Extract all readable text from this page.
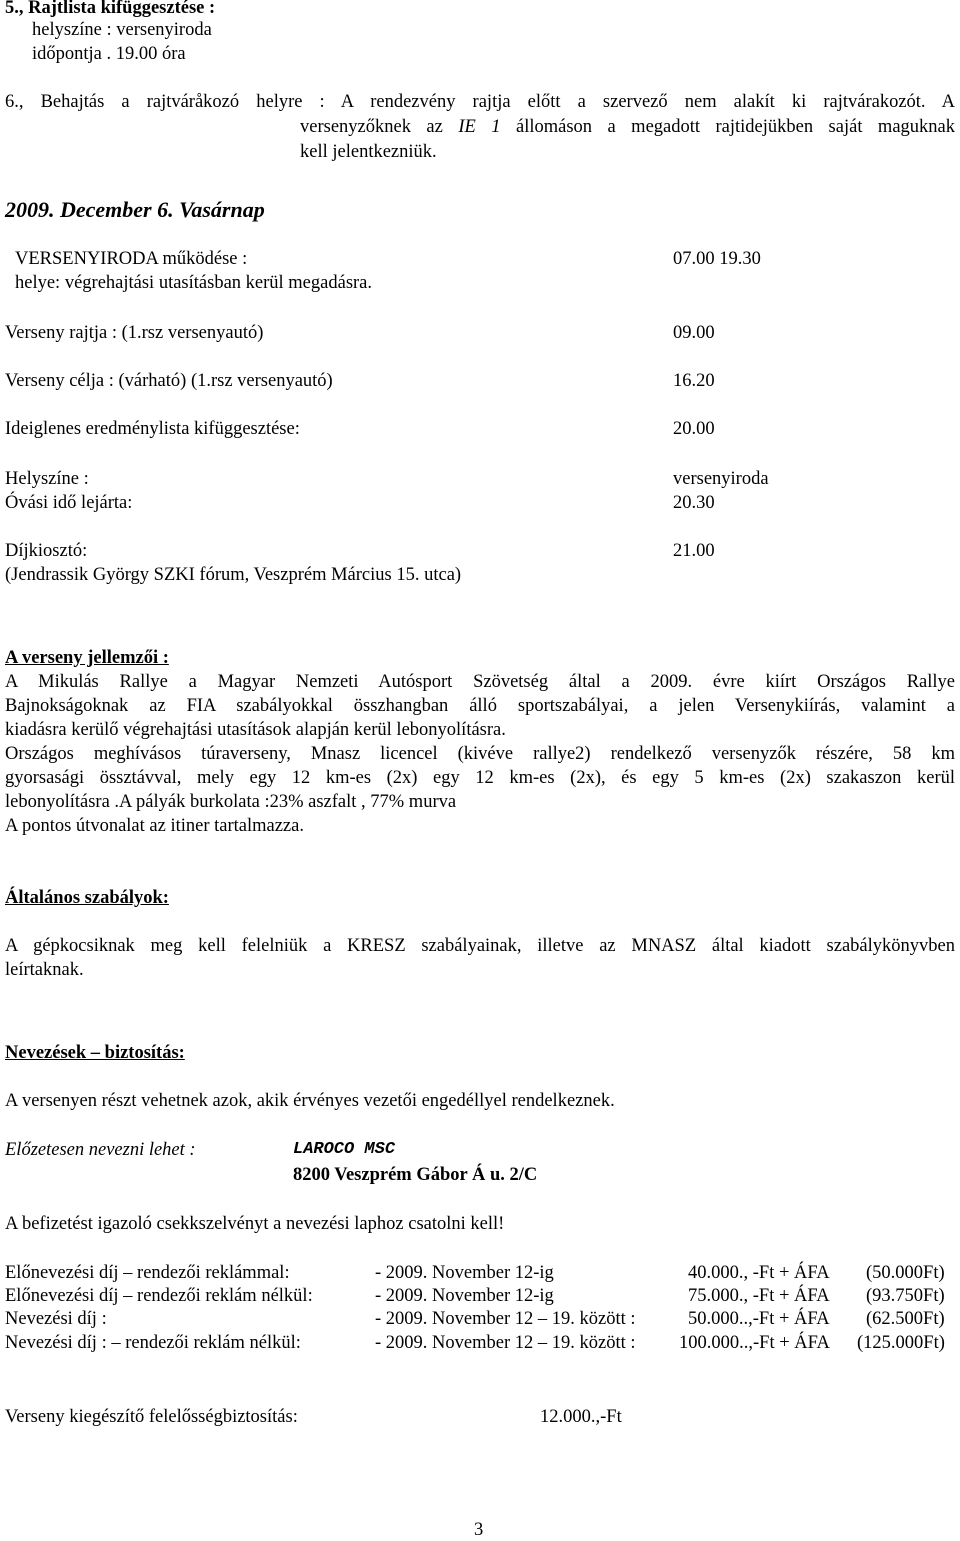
5., Rajtlista kifüggesztése :
helyszíne : versenyiroda
időpontja . 19.00 óra
6., Behajtás a rajtváråkozó helyre : A rendezvény rajtja előtt a szervező nem alakít ki rajtvárakozót. A
versenyzőknek az IE 1 állomáson a megadott rajtidejükben saját maguknak
kell jelentkezniük.
2009. December 6. Vasárnap
VERSENYIRODA működése :	07.00 19.30
helye: végrehajtási utasításban kerül megadásra.
Verseny rajtja : (1.rsz versenyautó)	09.00
Verseny célja : (várható) (1.rsz versenyautó)	16.20
Ideiglenes eredménylista kifüggesztése:	20.00
Helyszíne :	versenyiroda
Óvási idő lejárta:	20.30
Díjkiosztó:	21.00
(Jendrassik György SZKI fórum, Veszprém Március 15. utca)
A verseny jellemzői :
A Mikulás Rallye a Magyar Nemzeti Autósport Szövetség által a 2009. évre kiírt Országos Rallye
Bajnokságoknak az FIA szabályokkal összhangban álló sportszabályai, a jelen Versenykiírás, valamint a
kiadásra kerülő végrehajtási utasítások alapján kerül lebonyolításra.
Országos meghívásos túraverseny, Mnasz licencel (kivéve rallye2) rendelkező versenyzők részére, 58 km
gyorsasági össztávval, mely egy 12 km-es (2x) egy 12 km-es (2x), és egy 5 km-es (2x) szakaszon kerül
lebonyolításra .A pályák burkolata :23% aszfalt , 77% murva
A pontos útvonalat az itiner tartalmazza.
Általános szabályok:
A gépkocsiknak meg kell felelniük a KRESZ szabályainak, illetve az MNASZ által kiadott szabálykönyvben
leírtaknak.
Nevezések – biztosítás:
A versenyen részt vehetnek azok, akik érvényes vezetői engedéllyel rendelkeznek.
Előzetesen nevezni lehet :	LAROCO MSC
8200 Veszprém Gábor Á u. 2/C
A befizetést igazoló csekkszelvényt a nevezési laphoz csatolni kell!
Előnevezési díj – rendezői reklámmal:	- 2009. November 12-ig	40.000., -Ft + ÁFA (50.000Ft)
Előnevezési díj – rendezői reklám nélkül:	- 2009. November 12-ig	75.000., -Ft + ÁFA (93.750Ft)
Nevezési díj :	- 2009. November 12 – 19. között :	50.000..,-Ft + ÁFA (62.500Ft)
Nevezési díj : – rendezői reklám nélkül:	- 2009. November 12 – 19. között : 100.000..,-Ft + ÁFA (125.000Ft)
Verseny kiegészítő felelősségbiztosítás:	12.000.,-Ft
3
